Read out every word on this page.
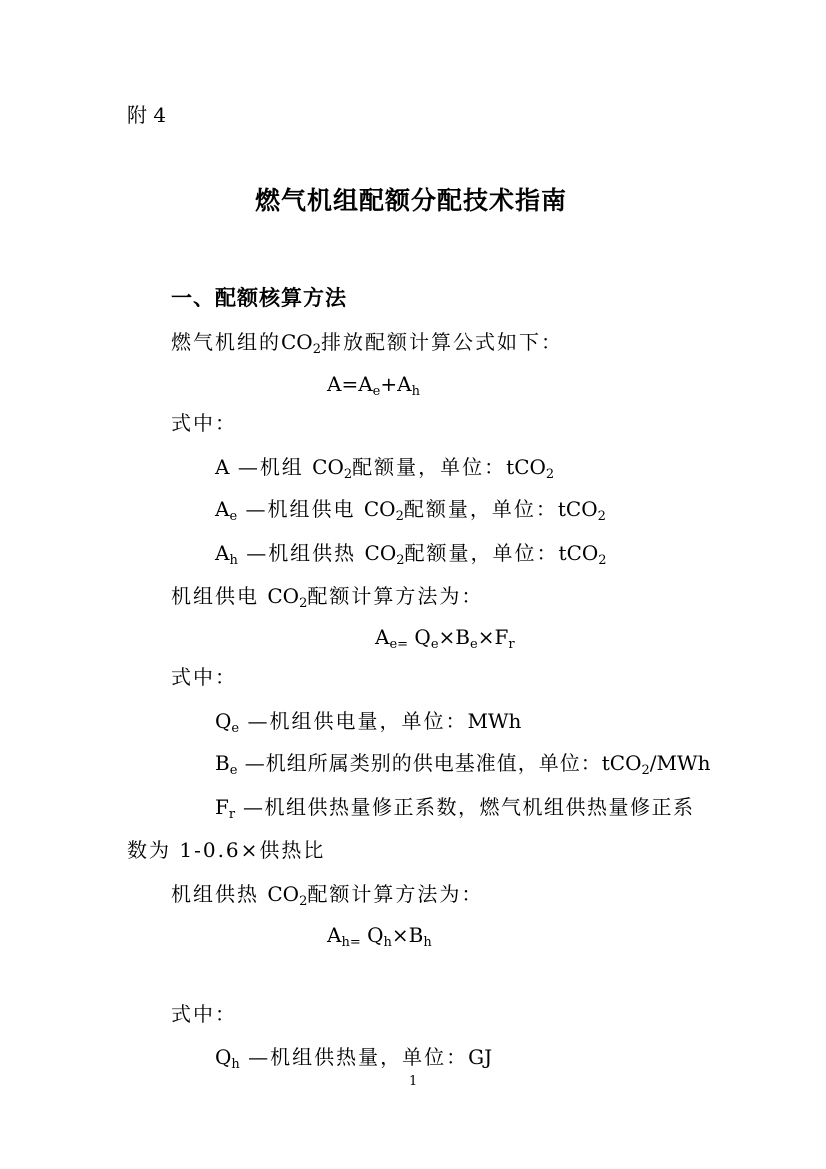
附 4
燃气机组配额分配技术指南
一、配额核算方法
燃气机组的$CO_2$排放配额计算公式如下：
$A=A_e+A_h$
式中：
A —机组 $CO_2$配额量，单位：tCO$_2$
$A_e$ —机组供电 $CO_2$配额量，单位：tCO$_2$
$A_h$ —机组供热 $CO_2$配额量，单位：tCO$_2$
机组供电 $CO_2$配额计算方法为：
$A_{e=}$ $Q_e\times B_e\times F_r$
式中：
$Q_e$ —机组供电量，单位：MWh
$B_e$ —机组所属类别的供电基准值，单位：tCO$_2$/MWh
$F_r$ —机组供热量修正系数，燃气机组供热量修正系
数为 1-0.6×供热比
机组供热 $CO_2$配额计算方法为：
$A_{h=}$ $Q_h\times B_h$
式中：
$Q_h$ —机组供热量，单位：GJ
1
